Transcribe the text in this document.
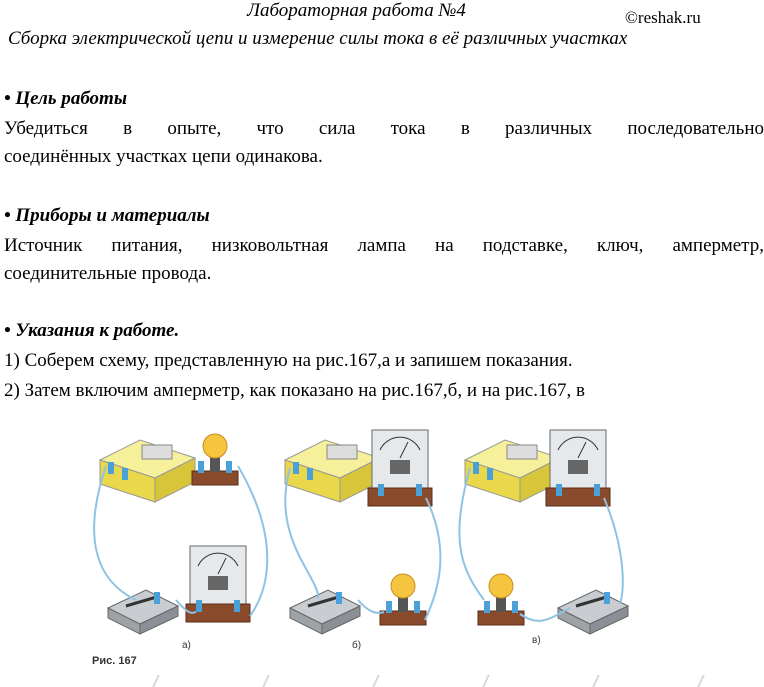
Лабораторная работа №4
Сборка электрической цепи и измерение силы тока в её различных участках
©reshak.ru
• Цель работы
Убедиться в опыте, что сила тока в различных последовательно
соединённых участках цепи одинакова.
• Приборы и материалы
Источник питания, низковольтная лампа на подставке, ключ, амперметр,
соединительные провода.
• Указания к работе.
1) Соберем схему, представленную на рис.167,а и запишем показания.
2) Затем включим амперметр, как показано на рис.167,б, и на рис.167, в
а)	б)	в)
Рис. 167
